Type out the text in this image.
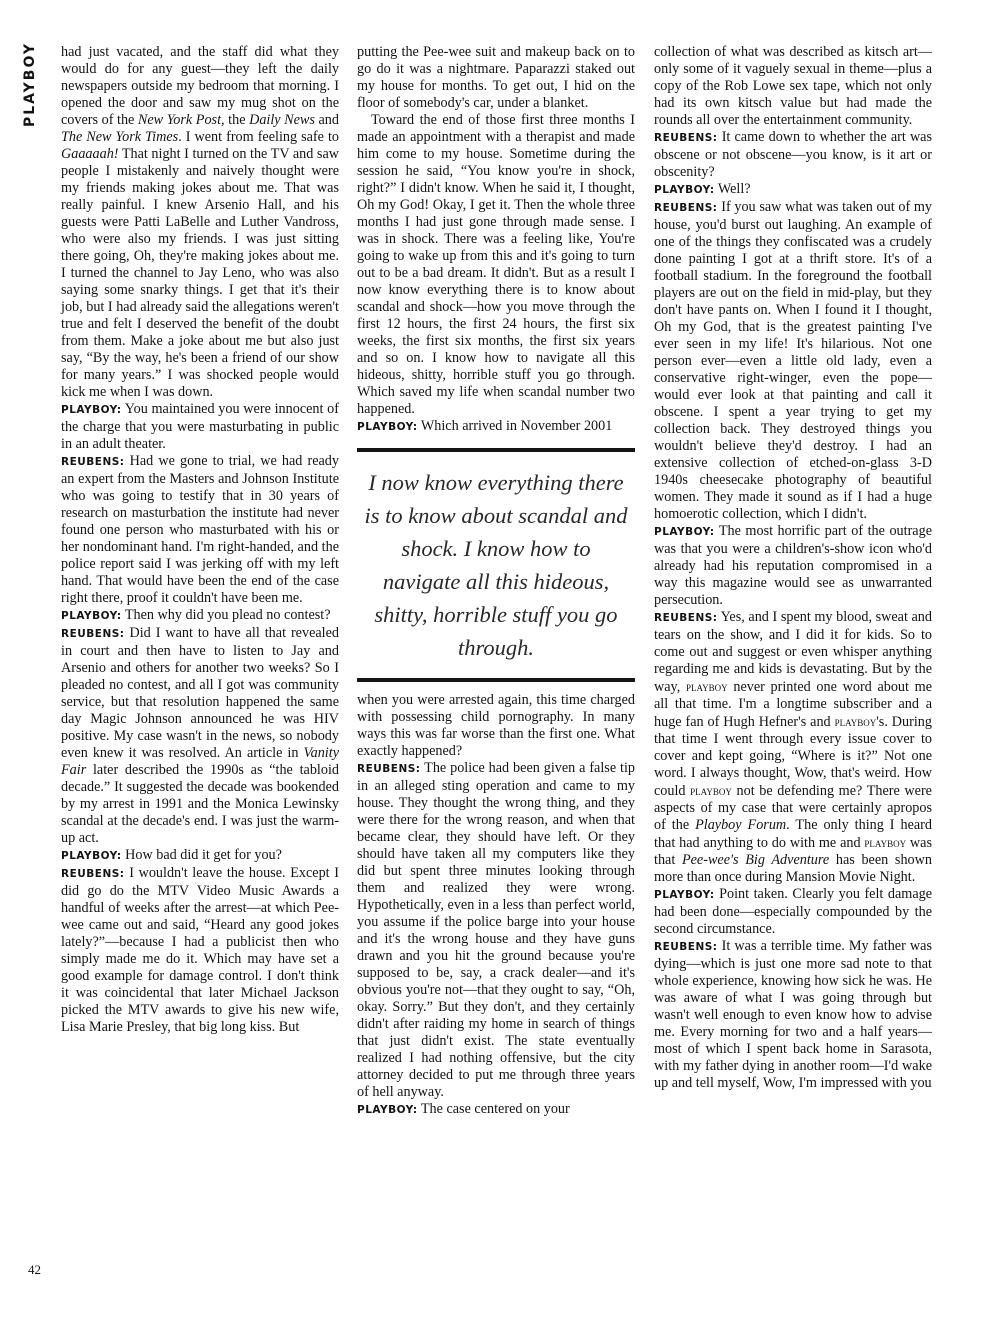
PLAYBOY
42

had just vacated, and the staff did what they would do for any guest—they left the daily newspapers outside my bedroom that morning. I opened the door and saw my mug shot on the covers of the New York Post, the Daily News and The New York Times. I went from feeling safe to Gaaaaah! That night I turned on the TV and saw people I mistakenly and naively thought were my friends making jokes about me. That was really painful. I knew Arsenio Hall, and his guests were Patti LaBelle and Luther Vandross, who were also my friends. I was just sitting there going, Oh, they're making jokes about me. I turned the channel to Jay Leno, who was also saying some snarky things. I get that it's their job, but I had already said the allegations weren't true and felt I deserved the benefit of the doubt from them. Make a joke about me but also just say, “By the way, he's been a friend of our show for many years.” I was shocked people would kick me when I was down.

PLAYBOY: You maintained you were innocent of the charge that you were masturbating in public in an adult theater.

REUBENS: Had we gone to trial, we had ready an expert from the Masters and Johnson Institute who was going to testify that in 30 years of research on masturbation the institute had never found one person who masturbated with his or her nondominant hand. I'm right-handed, and the police report said I was jerking off with my left hand. That would have been the end of the case right there, proof it couldn't have been me.

PLAYBOY: Then why did you plead no contest?

REUBENS: Did I want to have all that revealed in court and then have to listen to Jay and Arsenio and others for another two weeks? So I pleaded no contest, and all I got was community service, but that resolution happened the same day Magic Johnson announced he was HIV positive. My case wasn't in the news, so nobody even knew it was resolved. An article in Vanity Fair later described the 1990s as “the tabloid decade.” It suggested the decade was bookended by my arrest in 1991 and the Monica Lewinsky scandal at the decade's end. I was just the warm-up act.

PLAYBOY: How bad did it get for you?

REUBENS: I wouldn't leave the house. Except I did go do the MTV Video Music Awards a handful of weeks after the arrest—at which Pee-wee came out and said, “Heard any good jokes lately?”—because I had a publicist then who simply made me do it. Which may have set a good example for damage control. I don't think it was coincidental that later Michael Jackson picked the MTV awards to give his new wife, Lisa Marie Presley, that big long kiss. But

putting the Pee-wee suit and makeup back on to go do it was a nightmare. Paparazzi staked out my house for months. To get out, I hid on the floor of somebody's car, under a blanket.

Toward the end of those first three months I made an appointment with a therapist and made him come to my house. Sometime during the session he said, “You know you're in shock, right?” I didn't know. When he said it, I thought, Oh my God! Okay, I get it. Then the whole three months I had just gone through made sense. I was in shock. There was a feeling like, You're going to wake up from this and it's going to turn out to be a bad dream. It didn't. But as a result I now know everything there is to know about scandal and shock—how you move through the first 12 hours, the first 24 hours, the first six weeks, the first six months, the first six years and so on. I know how to navigate all this hideous, shitty, horrible stuff you go through. Which saved my life when scandal number two happened.

PLAYBOY: Which arrived in November 2001

I now know everything there is to know about scandal and shock. I know how to navigate all this hideous, shitty, horrible stuff you go through.

when you were arrested again, this time charged with possessing child pornography. In many ways this was far worse than the first one. What exactly happened?

REUBENS: The police had been given a false tip in an alleged sting operation and came to my house. They thought the wrong thing, and they were there for the wrong reason, and when that became clear, they should have left. Or they should have taken all my computers like they did but spent three minutes looking through them and realized they were wrong. Hypothetically, even in a less than perfect world, you assume if the police barge into your house and it's the wrong house and they have guns drawn and you hit the ground because you're supposed to be, say, a crack dealer—and it's obvious you're not—that they ought to say, “Oh, okay. Sorry.” But they don't, and they certainly didn't after raiding my home in search of things that just didn't exist. The state eventually realized I had nothing offensive, but the city attorney decided to put me through three years of hell anyway.

PLAYBOY: The case centered on your

collection of what was described as kitsch art—only some of it vaguely sexual in theme—plus a copy of the Rob Lowe sex tape, which not only had its own kitsch value but had made the rounds all over the entertainment community.

REUBENS: It came down to whether the art was obscene or not obscene—you know, is it art or obscenity?

PLAYBOY: Well?

REUBENS: If you saw what was taken out of my house, you'd burst out laughing. An example of one of the things they confiscated was a crudely done painting I got at a thrift store. It's of a football stadium. In the foreground the football players are out on the field in mid-play, but they don't have pants on. When I found it I thought, Oh my God, that is the greatest painting I've ever seen in my life! It's hilarious. Not one person ever—even a little old lady, even a conservative right-winger, even the pope—would ever look at that painting and call it obscene. I spent a year trying to get my collection back. They destroyed things you wouldn't believe they'd destroy. I had an extensive collection of etched-on-glass 3-D 1940s cheesecake photography of beautiful women. They made it sound as if I had a huge homoerotic collection, which I didn't.

PLAYBOY: The most horrific part of the outrage was that you were a children's-show icon who'd already had his reputation compromised in a way this magazine would see as unwarranted persecution.

REUBENS: Yes, and I spent my blood, sweat and tears on the show, and I did it for kids. So to come out and suggest or even whisper anything regarding me and kids is devastating. But by the way, playboy never printed one word about me all that time. I'm a longtime subscriber and a huge fan of Hugh Hefner's and playboy's. During that time I went through every issue cover to cover and kept going, “Where is it?” Not one word. I always thought, Wow, that's weird. How could playboy not be defending me? There were aspects of my case that were certainly apropos of the Playboy Forum. The only thing I heard that had anything to do with me and playboy was that Pee-wee's Big Adventure has been shown more than once during Mansion Movie Night.

PLAYBOY: Point taken. Clearly you felt damage had been done—especially compounded by the second circumstance.

REUBENS: It was a terrible time. My father was dying—which is just one more sad note to that whole experience, knowing how sick he was. He was aware of what I was going through but wasn't well enough to even know how to advise me. Every morning for two and a half years—most of which I spent back home in Sarasota, with my father dying in another room—I'd wake up and tell myself, Wow, I'm impressed with you
